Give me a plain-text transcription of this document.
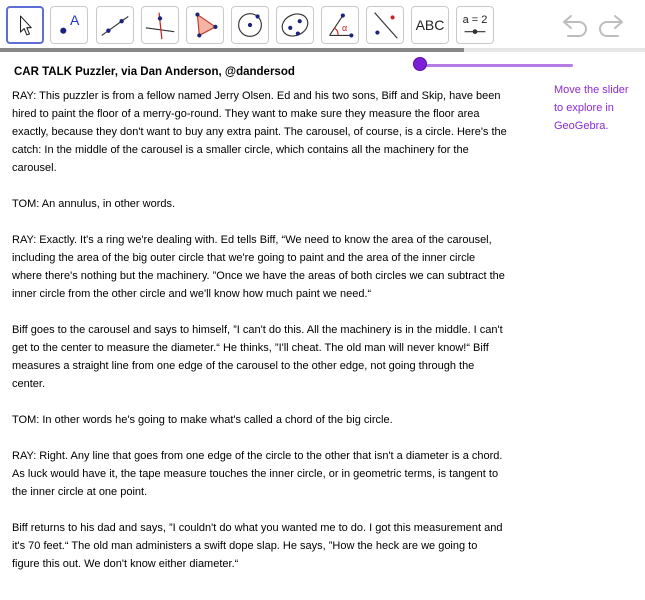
A	α	ABC	a = 2
CAR TALK Puzzler, via Dan Anderson, @dandersod
Move the slider to explore in GeoGebra.

RAY: This puzzler is from a fellow named Jerry Olsen. Ed and his two sons, Biff and Skip, have been hired to paint the floor of a merry-go-round. They want to make sure they measure the floor area exactly, because they don't want to buy any extra paint. The carousel, of course, is a circle. Here's the catch: In the middle of the carousel is a smaller circle, which contains all the machinery for the carousel.

TOM: An annulus, in other words.

RAY: Exactly. It's a ring we're dealing with. Ed tells Biff, “We need to know the area of the carousel, including the area of the big outer circle that we're going to paint and the area of the inner circle where there's nothing but the machinery. ”Once we have the areas of both circles we can subtract the inner circle from the other circle and we'll know how much paint we need.“

Biff goes to the carousel and says to himself, ”I can't do this. All the machinery is in the middle. I can't get to the center to measure the diameter.“ He thinks, ”I'll cheat. The old man will never know!“ Biff measures a straight line from one edge of the carousel to the other edge, not going through the center.

TOM: In other words he's going to make what's called a chord of the big circle.

RAY: Right. Any line that goes from one edge of the circle to the other that isn't a diameter is a chord. As luck would have it, the tape measure touches the inner circle, or in geometric terms, is tangent to the inner circle at one point.

Biff returns to his dad and says, ”I couldn't do what you wanted me to do. I got this measurement and it's 70 feet.“ The old man administers a swift dope slap. He says, ”How the heck are we going to figure this out. We don't know either diameter.“
